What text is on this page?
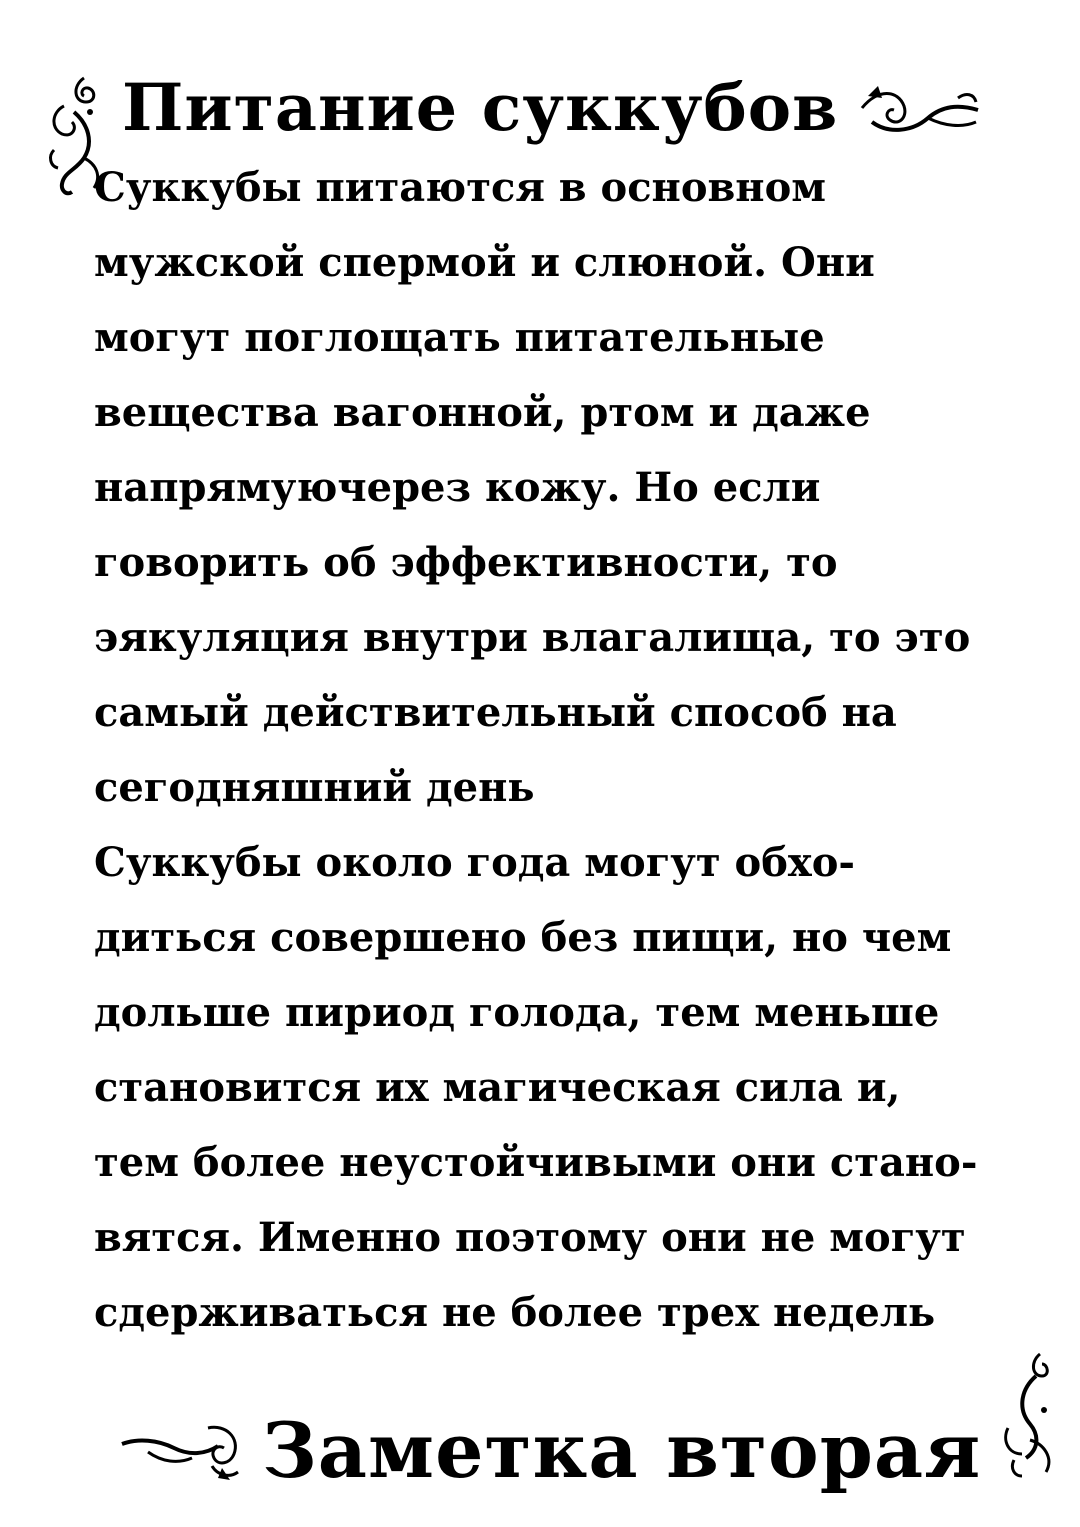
Питание суккубов
Суккубы питаются в основном
мужской спермой и слюной. Они
могут поглощать питательные
вещества вагонной, ртом и даже
напрямуючерез кожу. Но если
говорить об эффективности, то
эякуляция внутри влагалища, то это
самый действительный способ на
сегодняшний день
Суккубы около года могут обхо-
диться совершено без пищи, но чем
дольше пириод голода, тем меньше
становится их магическая сила и,
тем более неустойчивыми они стано-
вятся. Именно поэтому они не могут
сдерживаться не более трех недель
Заметка вторая
